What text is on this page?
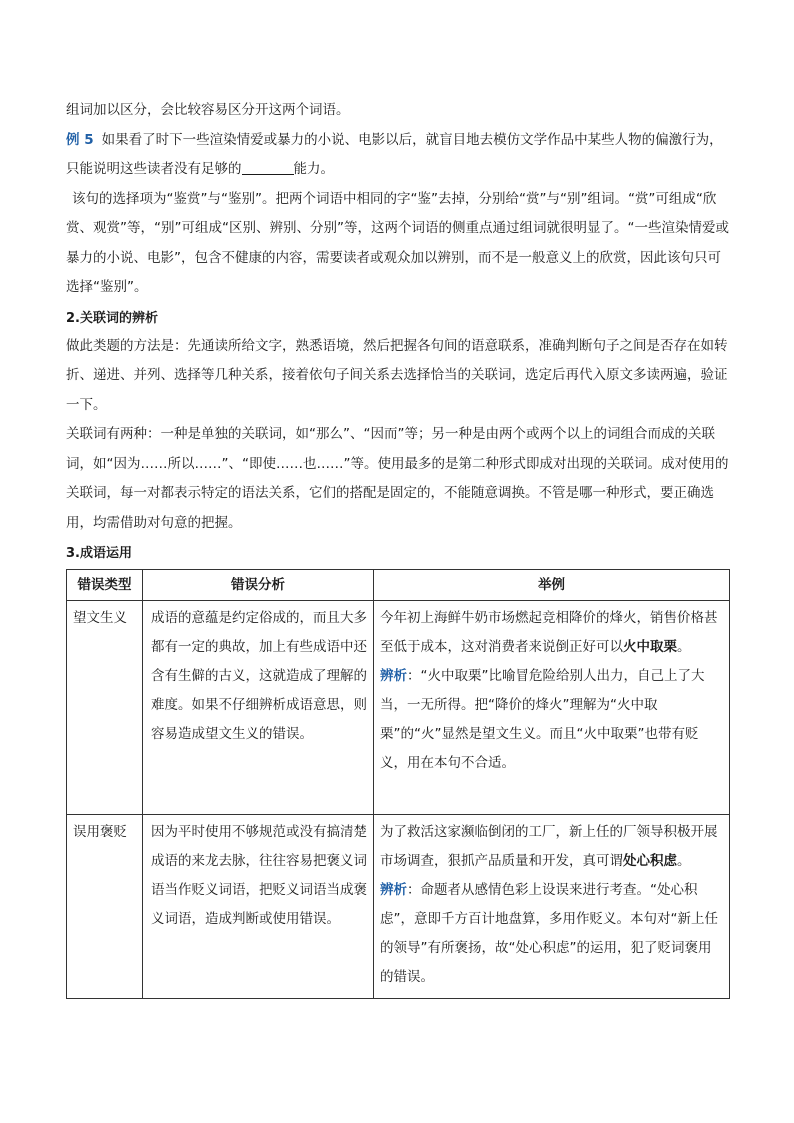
组词加以区分，会比较容易区分开这两个词语。

例 5 如果看了时下一些渲染情爱或暴力的小说、电影以后，就盲目地去模仿文学作品中某些人物的偏激行为，只能说明这些读者没有足够的	能力。

该句的选择项为“鉴赏”与“鉴别”。把两个词语中相同的字“鉴”去掉，分别给“赏”与“别”组词。“赏”可组成“欣赏、观赏”等，“别”可组成“区别、辨别、分别”等，这两个词语的侧重点通过组词就很明显了。“一些渲染情爱或暴力的小说、电影”，包含不健康的内容，需要读者或观众加以辨别，而不是一般意义上的欣赏，因此该句只可选择“鉴别”。

2.关联词的辨析

做此类题的方法是：先通读所给文字，熟悉语境，然后把握各句间的语意联系，准确判断句子之间是否存在如转折、递进、并列、选择等几种关系，接着依句子间关系去选择恰当的关联词，选定后再代入原文多读两遍，验证一下。

关联词有两种：一种是单独的关联词，如“那么”、“因而”等；另一种是由两个或两个以上的词组合而成的关联词，如“因为……所以……”、“即使……也……”等。使用最多的是第二种形式即成对出现的关联词。成对使用的关联词，每一对都表示特定的语法关系，它们的搭配是固定的，不能随意调换。不管是哪一种形式，要正确选用，均需借助对句意的把握。

3.成语运用

错误类型	错误分析	举例
望文生义	成语的意蕴是约定俗成的，而且大多都有一定的典故，加上有些成语中还含有生僻的古义，这就造成了理解的难度。如果不仔细辨析成语意思，则容易造成望文生义的错误。	今年初上海鲜牛奶市场燃起竞相降价的烽火，销售价格甚至低于成本，这对消费者来说倒正好可以火中取栗。
辨析：“火中取栗”比喻冒危险给别人出力，自己上了大当，一无所得。把“降价的烽火”理解为“火中取栗”的“火”显然是望文生义。而且“火中取栗”也带有贬义，用在本句不合适。

误用褒贬	因为平时使用不够规范或没有搞清楚成语的来龙去脉，往往容易把褒义词语当作贬义词语，把贬义词语当成褒义词语，造成判断或使用错误。	为了救活这家濒临倒闭的工厂，新上任的厂领导积极开展市场调查，狠抓产品质量和开发，真可谓处心积虑。
辨析：命题者从感情色彩上设误来进行考查。“处心积虑”，意即千方百计地盘算，多用作贬义。本句对“新上任的领导”有所褒扬，故“处心积虑”的运用，犯了贬词褒用的错误。
